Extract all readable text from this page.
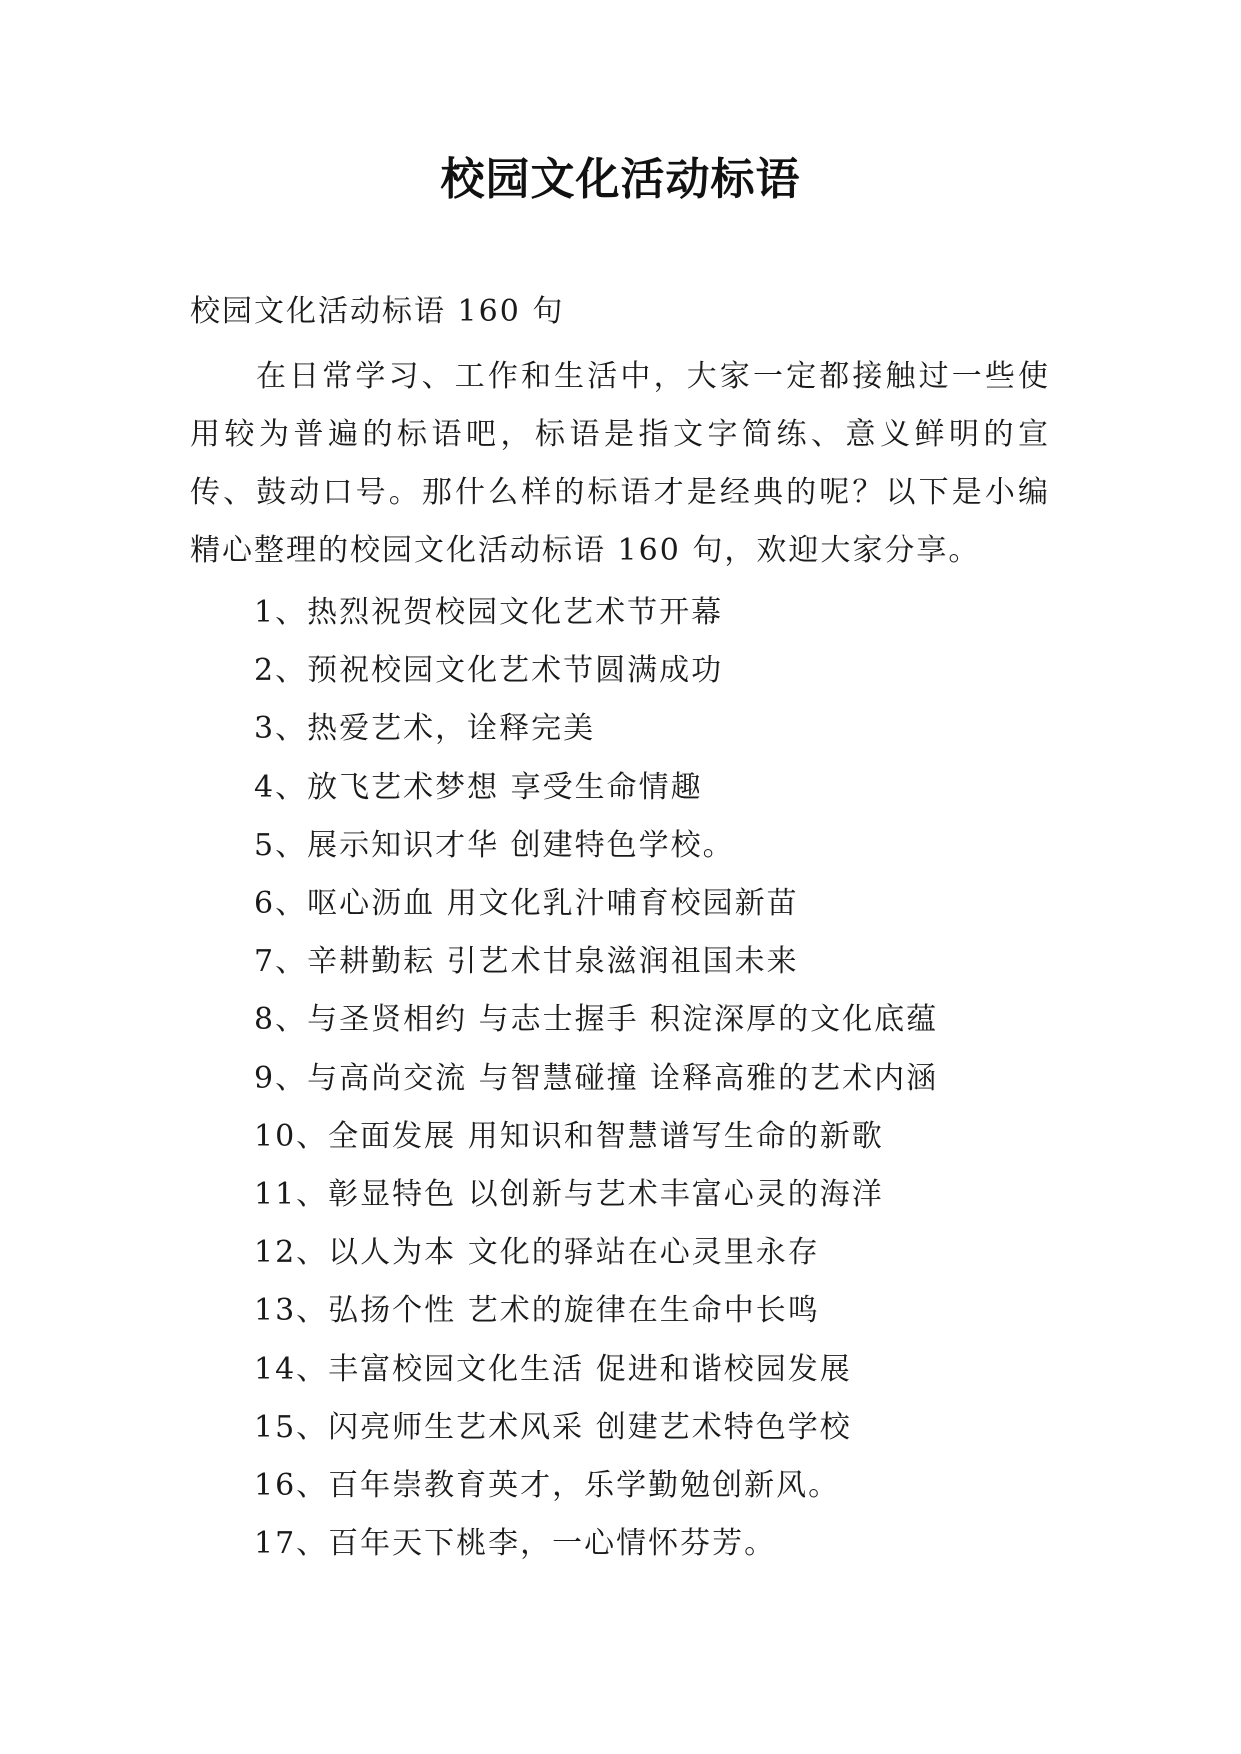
校园文化活动标语
校园文化活动标语 160 句

在日常学习、工作和生活中，大家一定都接触过一些使用较为普遍的标语吧，标语是指文字简练、意义鲜明的宣传、鼓动口号。那什么样的标语才是经典的呢？以下是小编精心整理的校园文化活动标语 160 句，欢迎大家分享。

1、热烈祝贺校园文化艺术节开幕
2、预祝校园文化艺术节圆满成功
3、热爱艺术，诠释完美
4、放飞艺术梦想 享受生命情趣
5、展示知识才华 创建特色学校。
6、呕心沥血 用文化乳汁哺育校园新苗
7、辛耕勤耘 引艺术甘泉滋润祖国未来
8、与圣贤相约 与志士握手 积淀深厚的文化底蕴
9、与高尚交流 与智慧碰撞 诠释高雅的艺术内涵
10、全面发展 用知识和智慧谱写生命的新歌
11、彰显特色 以创新与艺术丰富心灵的海洋
12、以人为本 文化的驿站在心灵里永存
13、弘扬个性 艺术的旋律在生命中长鸣
14、丰富校园文化生活 促进和谐校园发展
15、闪亮师生艺术风采 创建艺术特色学校
16、百年崇教育英才，乐学勤勉创新风。
17、百年天下桃李，一心情怀芬芳。
